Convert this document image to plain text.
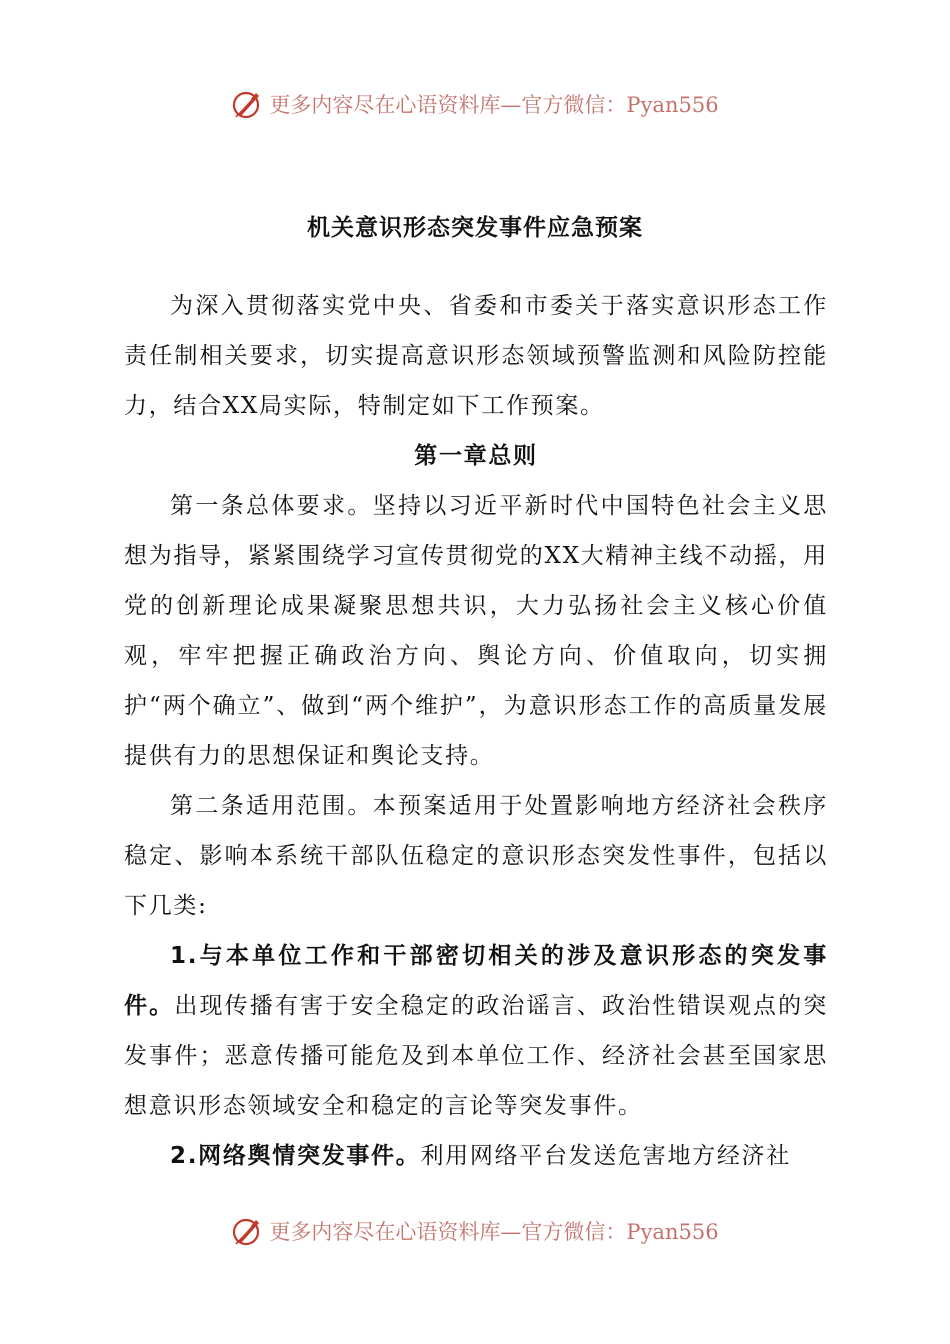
更多内容尽在心语资料库—官方微信：Pyan556
机关意识形态突发事件应急预案

为深入贯彻落实党中央、省委和市委关于落实意识形态工作责任制相关要求，切实提高意识形态领域预警监测和风险防控能力，结合XX局实际，特制定如下工作预案。

第一章总则

第一条总体要求。坚持以习近平新时代中国特色社会主义思想为指导，紧紧围绕学习宣传贯彻党的XX大精神主线不动摇，用党的创新理论成果凝聚思想共识，大力弘扬社会主义核心价值观，牢牢把握正确政治方向、舆论方向、价值取向，切实拥护“两个确立”、做到“两个维护”，为意识形态工作的高质量发展提供有力的思想保证和舆论支持。

第二条适用范围。本预案适用于处置影响地方经济社会秩序稳定、影响本系统干部队伍稳定的意识形态突发性事件，包括以下几类:

1.与本单位工作和干部密切相关的涉及意识形态的突发事件。出现传播有害于安全稳定的政治谣言、政治性错误观点的突发事件；恶意传播可能危及到本单位工作、经济社会甚至国家思想意识形态领域安全和稳定的言论等突发事件。

2.网络舆情突发事件。利用网络平台发送危害地方经济社

更多内容尽在心语资料库—官方微信：Pyan556
